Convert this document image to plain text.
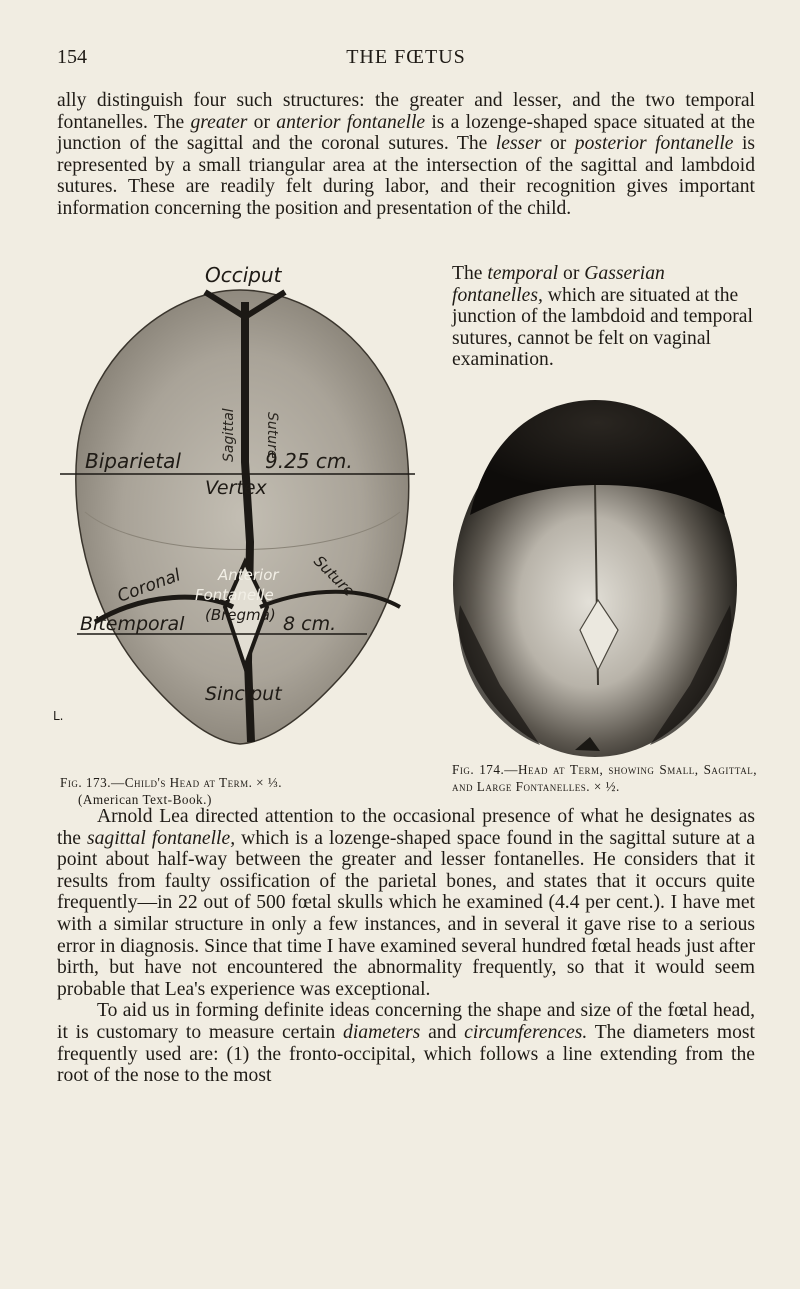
154	THE FŒTUS

ally distinguish four such structures: the greater and lesser, and the two temporal fontanelles. The greater or anterior fontanelle is a lozenge-shaped space situated at the junction of the sagittal and the coronal sutures. The lesser or posterior fontanelle is represented by a small triangular area at the intersection of the sagittal and lambdoid sutures. These are readily felt during labor, and their recognition gives important information concerning the position and presentation of the child.

The temporal or Gasserian fontanelles, which are situated at the junction of the lambdoid and temporal sutures, cannot be felt on vaginal examination.

Occiput
Sagittal Suture
Biparietal	9.25 cm.
Vertex
Coronal	Suture
Anterior
Fontanelle
(Bregma)
Bitemporal	8 cm.
Sinciput
L.

Fig. 173.—Child's Head at Term. × ⅓.
(American Text-Book.)

Fig. 174.—Head at Term, showing Small, Sagittal, and Large Fontanelles. × ½.

Arnold Lea directed attention to the occasional presence of what he designates as the sagittal fontanelle, which is a lozenge-shaped space found in the sagittal suture at a point about half-way between the greater and lesser fontanelles. He considers that it results from faulty ossification of the parietal bones, and states that it occurs quite frequently—in 22 out of 500 fœtal skulls which he examined (4.4 per cent.). I have met with a similar structure in only a few instances, and in several it gave rise to a serious error in diagnosis. Since that time I have examined several hundred fœtal heads just after birth, but have not encountered the abnormality frequently, so that it would seem probable that Lea's experience was exceptional.
To aid us in forming definite ideas concerning the shape and size of the fœtal head, it is customary to measure certain diameters and circumferences. The diameters most frequently used are: (1) the fronto-occipital, which follows a line extending from the root of the nose to the most
